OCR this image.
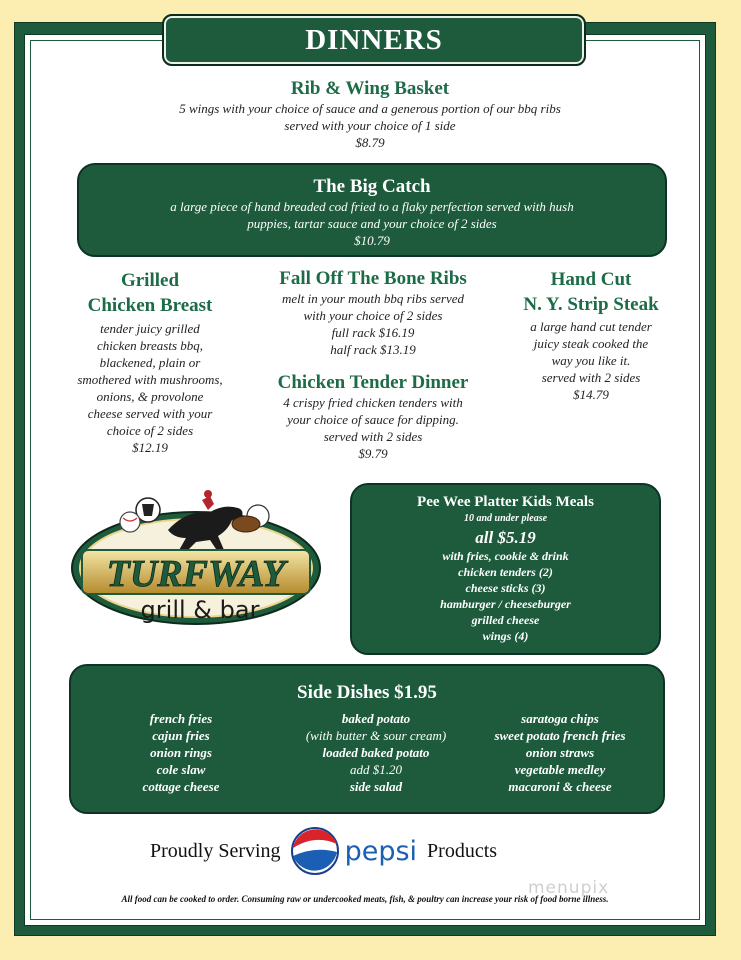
DINNERS
Rib & Wing Basket
5 wings with your choice of sauce and a generous portion of our bbq ribs
served with your choice of 1 side
$8.79
The Big Catch
a large piece of hand breaded cod fried to a flaky perfection served with hush
puppies, tartar sauce and your choice of 2 sides
$10.79
Grilled
Chicken Breast
tender juicy grilled
chicken breasts bbq,
blackened, plain or
smothered with mushrooms,
onions, & provolone
cheese served with your
choice of 2 sides
$12.19
Fall Off The Bone Ribs
melt in your mouth bbq ribs served
with your choice of 2 sides
full rack $16.19
half rack $13.19
Chicken Tender Dinner
4 crispy fried chicken tenders with
your choice of sauce for dipping.
served with 2 sides
$9.79
Hand Cut
N. Y. Strip Steak
a large hand cut tender
juicy steak cooked the
way you like it.
served with 2 sides
$14.79
TURFWAY
grill & bar
Pee Wee Platter Kids Meals
10 and under please
all $5.19
with fries, cookie & drink
chicken tenders (2)
cheese sticks (3)
hamburger / cheeseburger
grilled cheese
wings (4)
Side Dishes $1.95
french fries
cajun fries
onion rings
cole slaw
cottage cheese
baked potato
(with butter & sour cream)
loaded baked potato
add $1.20
side salad
saratoga chips
sweet potato french fries
onion straws
vegetable medley
macaroni & cheese
Proudly Serving pepsi Products
All food can be cooked to order. Consuming raw or undercooked meats, fish, & poultry can increase your risk of food borne illness.
menupix
